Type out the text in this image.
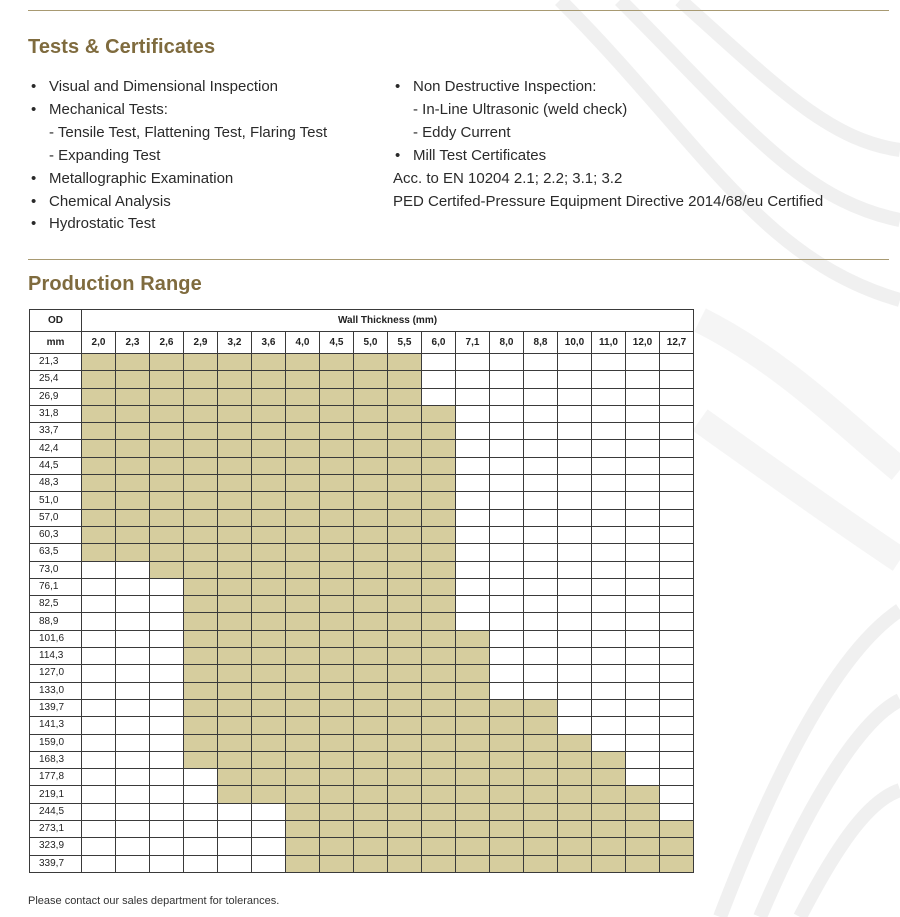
Tests & Certificates
• Visual and Dimensional Inspection
• Mechanical Tests:
- Tensile Test, Flattening Test, Flaring Test
- Expanding Test
• Metallographic Examination
• Chemical Analysis
• Hydrostatic Test
• Non Destructive Inspection:
- In-Line Ultrasonic (weld check)
- Eddy Current
• Mill Test Certificates
Acc. to EN 10204 2.1; 2.2; 3.1; 3.2
PED Certifed-Pressure Equipment Directive 2014/68/eu Certified
Production Range
OD	Wall Thickness (mm)																	
mm	2,0	2,3	2,6	2,9	3,2	3,6	4,0	4,5	5,0	5,5	6,0	7,1	8,0	8,8	10,0	11,0	12,0	12,7
21,3																		
25,4																		
26,9																		
31,8																		
33,7																		
42,4																		
44,5																		
48,3																		
51,0																		
57,0																		
60,3																		
63,5																		
73,0																		
76,1																		
82,5																		
88,9																		
101,6																		
114,3																		
127,0																		
133,0																		
139,7																		
141,3																		
159,0																		
168,3																		
177,8																		
219,1																		
244,5																		
273,1																		
323,9																		
339,7																		
Please contact our sales department for tolerances.
